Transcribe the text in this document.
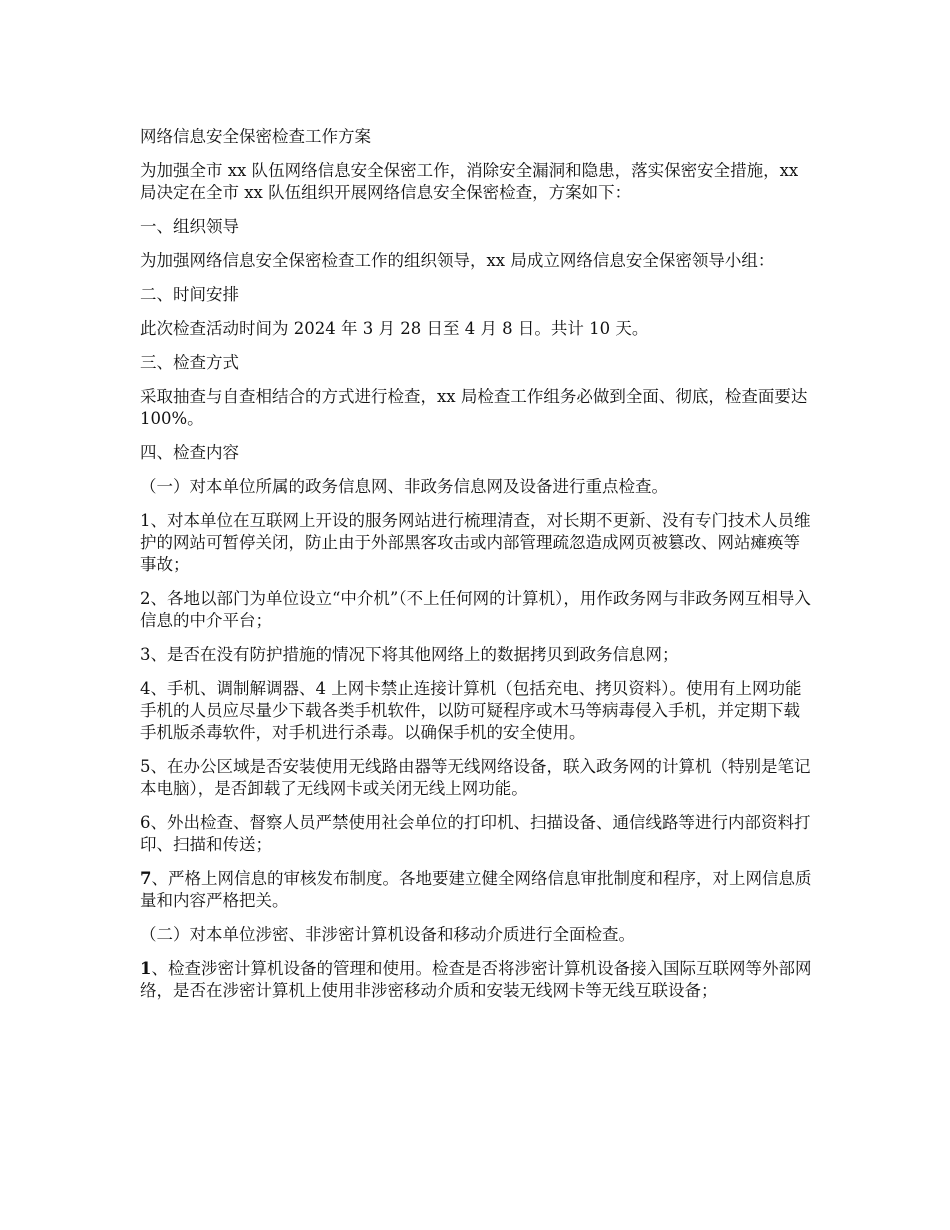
网络信息安全保密检查工作方案

为加强全市 xx 队伍网络信息安全保密工作，消除安全漏洞和隐患，落实保密安全措施，xx 局决定在全市 xx 队伍组织开展网络信息安全保密检查，方案如下：

一、组织领导

为加强网络信息安全保密检查工作的组织领导，xx 局成立网络信息安全保密领导小组：

二、时间安排

此次检查活动时间为 2024 年 3 月 28 日至 4 月 8 日。共计 10 天。

三、检查方式

采取抽查与自查相结合的方式进行检查，xx 局检查工作组务必做到全面、彻底，检查面要达 100%。

四、检查内容

（一）对本单位所属的政务信息网、非政务信息网及设备进行重点检查。

1、对本单位在互联网上开设的服务网站进行梳理清查，对长期不更新、没有专门技术人员维护的网站可暂停关闭，防止由于外部黑客攻击或内部管理疏忽造成网页被篡改、网站瘫痪等事故；

2、各地以部门为单位设立“中介机”（不上任何网的计算机），用作政务网与非政务网互相导入信息的中介平台；

3、是否在没有防护措施的情况下将其他网络上的数据拷贝到政务信息网；

4、手机、调制解调器、4 上网卡禁止连接计算机（包括充电、拷贝资料）。使用有上网功能手机的人员应尽量少下载各类手机软件，以防可疑程序或木马等病毒侵入手机，并定期下载手机版杀毒软件，对手机进行杀毒。以确保手机的安全使用。

5、在办公区域是否安装使用无线路由器等无线网络设备，联入政务网的计算机（特别是笔记本电脑），是否卸载了无线网卡或关闭无线上网功能。

6、外出检查、督察人员严禁使用社会单位的打印机、扫描设备、通信线路等进行内部资料打印、扫描和传送；

7、严格上网信息的审核发布制度。各地要建立健全网络信息审批制度和程序，对上网信息质量和内容严格把关。

（二）对本单位涉密、非涉密计算机设备和移动介质进行全面检查。

1、检查涉密计算机设备的管理和使用。检查是否将涉密计算机设备接入国际互联网等外部网络，是否在涉密计算机上使用非涉密移动介质和安装无线网卡等无线互联设备；
